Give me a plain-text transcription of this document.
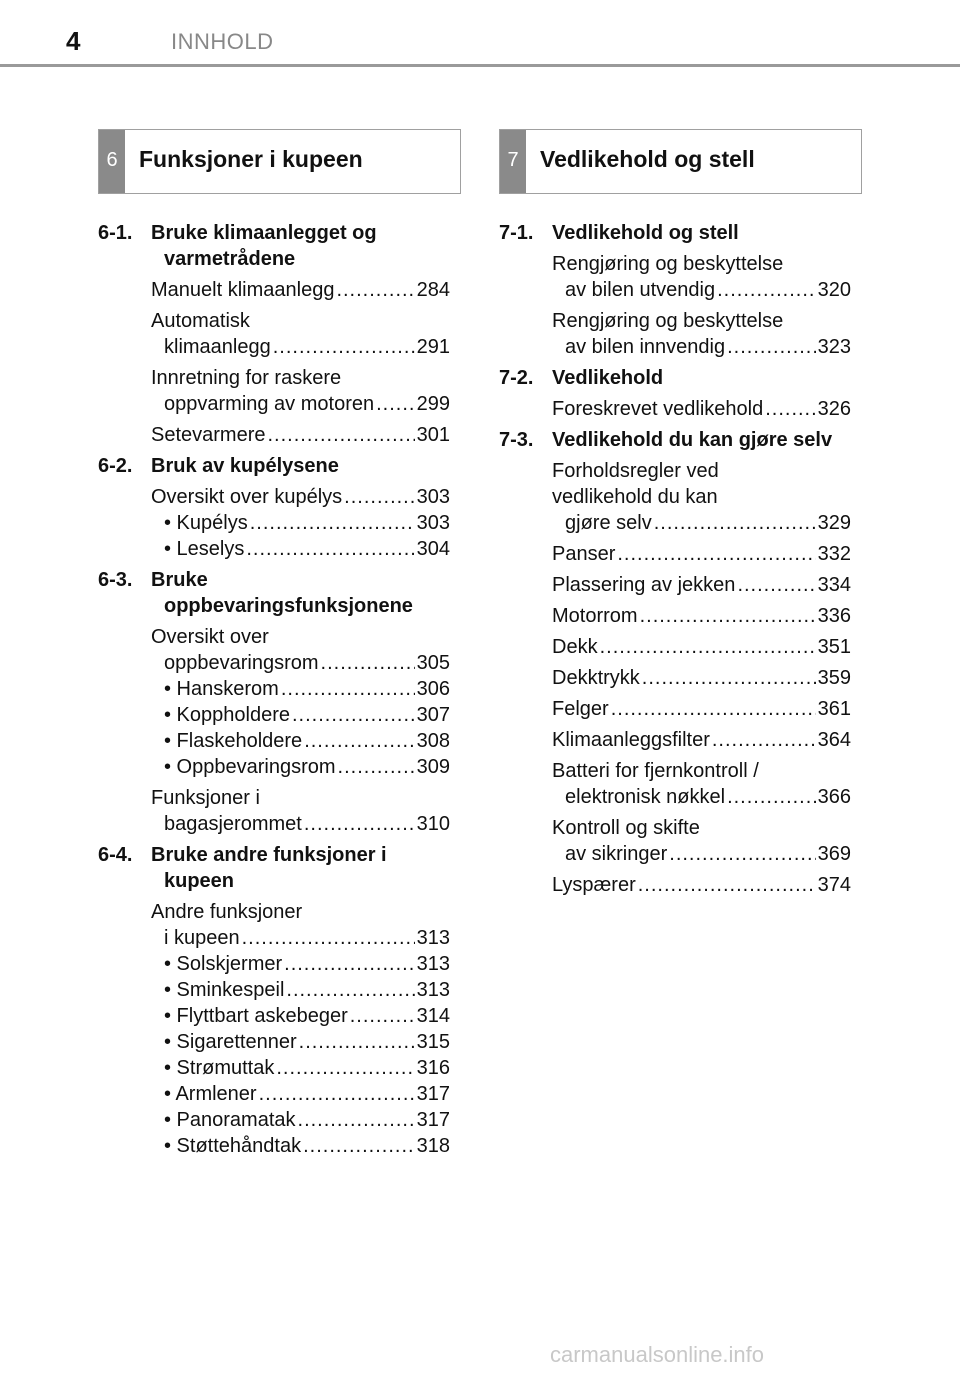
4	INNHOLD
6 Funksjoner i kupeen	7 Vedlikehold og stell
6-1. Bruke klimaanlegget og varmetrådene
Manuelt klimaanlegg .....	284
Automatisk
klimaanlegg .....	291
Innretning for raskere
oppvarming av motoren ..... 299
Setevarmere .....	301
6-2. Bruk av kupélysene
Oversikt over kupélys .....	303
• Kupélys .....	303
• Leselys .....	304
6-3. Bruke oppbevaringsfunksjonene
Oversikt over
oppbevaringsrom .....	305
• Hanskerom .....	306
• Koppholdere .....	307
• Flaskeholdere .....	308
• Oppbevaringsrom .....	309
Funksjoner i
bagasjerommet .....	310
6-4. Bruke andre funksjoner i kupeen
Andre funksjoner
i kupeen .....	313
• Solskjermer .....	313
• Sminkespeil .....	313
• Flyttbart askebeger .....	314
• Sigarettenner .....	315
• Strømuttak .....	316
• Armlener .....	317
• Panoramatak .....	317
• Støttehåndtak .....	318
7-1. Vedlikehold og stell
Rengjøring og beskyttelse
av bilen utvendig .....	320
Rengjøring og beskyttelse
av bilen innvendig .....	323
7-2. Vedlikehold
Foreskrevet vedlikehold .....	326
7-3. Vedlikehold du kan gjøre selv
Forholdsregler ved
vedlikehold du kan
gjøre selv .....	329
Panser .....	332
Plassering av jekken .....	334
Motorrom .....	336
Dekk .....	351
Dekktrykk .....	359
Felger .....	361
Klimaanleggsfilter .....	364
Batteri for fjernkontroll /
elektronisk nøkkel .....	366
Kontroll og skifte
av sikringer .....	369
Lyspærer .....	374
carmanualsonline.info
